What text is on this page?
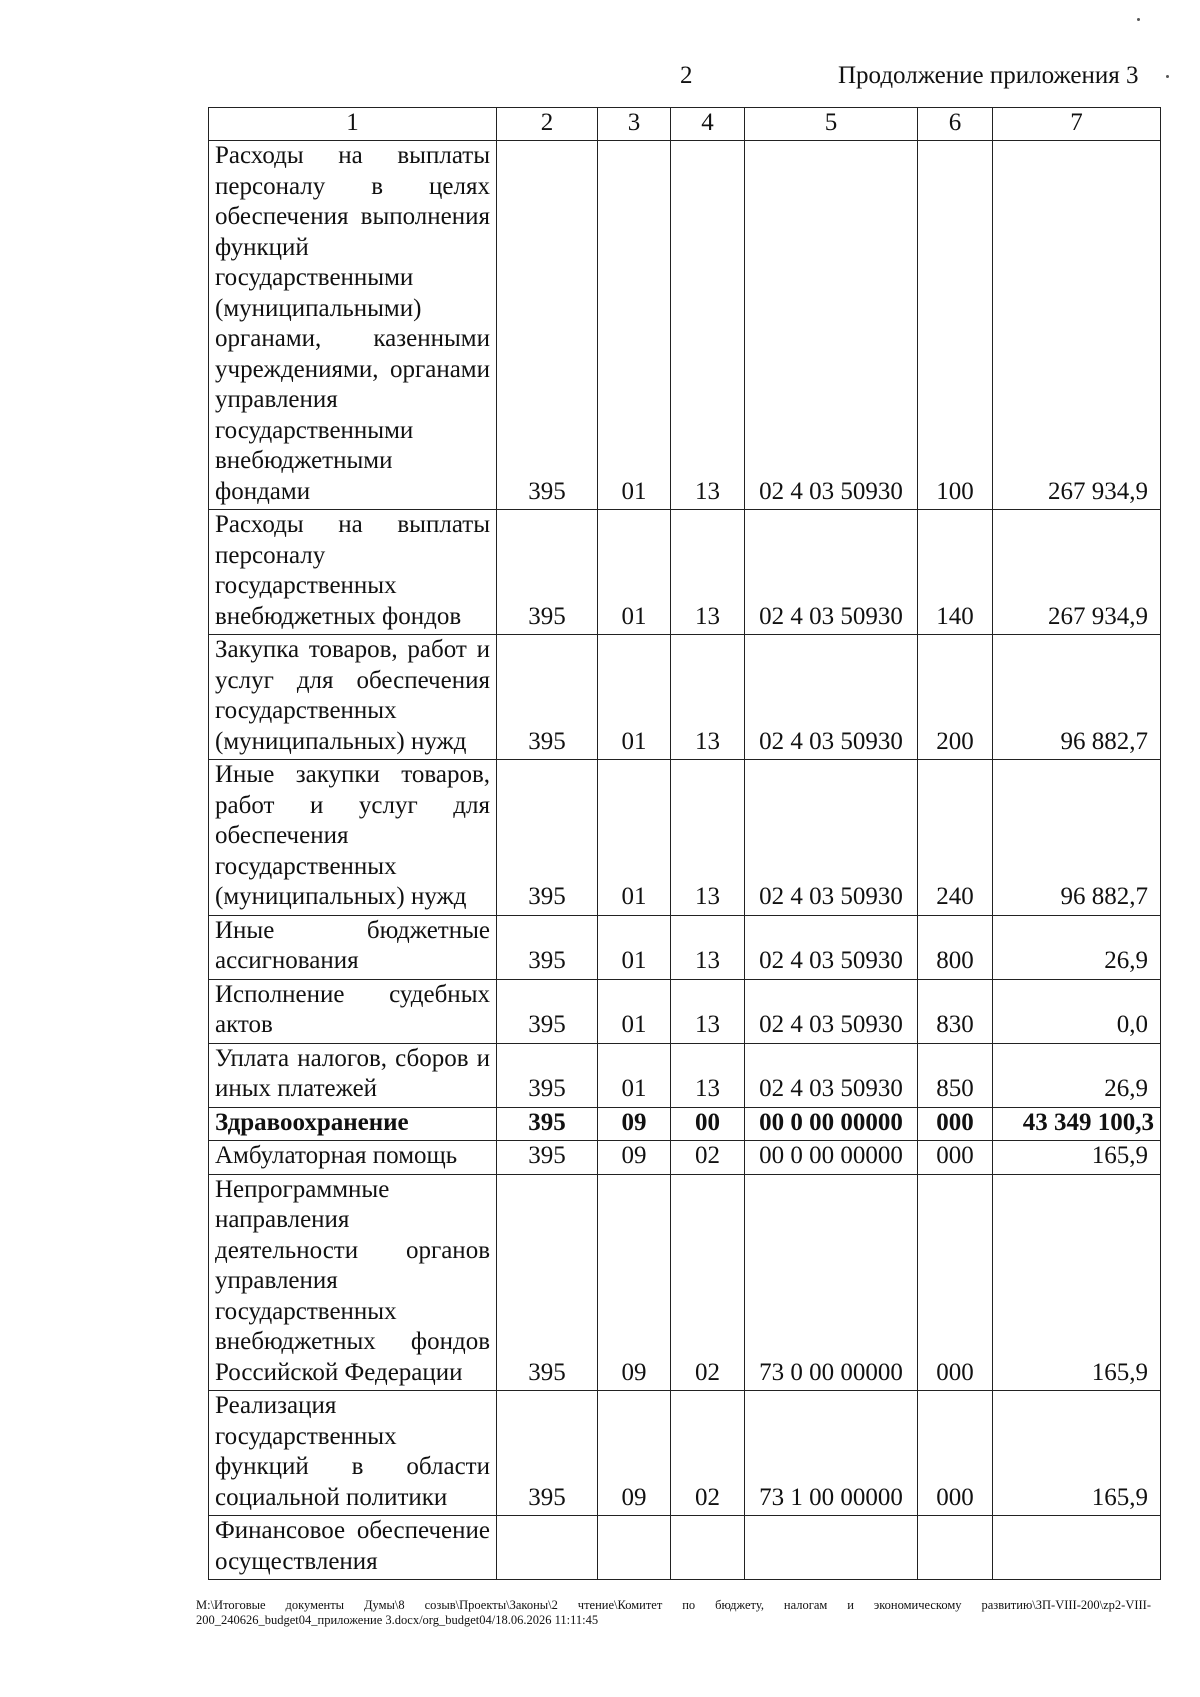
2	Продолжение приложения 3
1	2	3	4	5	6	7
Расходы на выплаты персоналу в целях обеспечения выполнения функций государственными (муниципальными) органами, казенными учреждениями, органами управления государственными внебюджетными фондами	395	01	13	02 4 03 50930	100	267 934,9
Расходы на выплаты персоналу государственных внебюджетных фондов	395	01	13	02 4 03 50930	140	267 934,9
Закупка товаров, работ и услуг для обеспечения государственных (муниципальных) нужд	395	01	13	02 4 03 50930	200	96 882,7
Иные закупки товаров, работ и услуг для обеспечения государственных (муниципальных) нужд	395	01	13	02 4 03 50930	240	96 882,7
Иные бюджетные ассигнования	395	01	13	02 4 03 50930	800	26,9
Исполнение судебных актов	395	01	13	02 4 03 50930	830	0,0
Уплата налогов, сборов и иных платежей	395	01	13	02 4 03 50930	850	26,9
Здравоохранение	395	09	00	00 0 00 00000	000	43 349 100,3
Амбулаторная помощь	395	09	02	00 0 00 00000	000	165,9
Непрограммные направления деятельности органов управления государственных внебюджетных фондов Российской Федерации	395	09	02	73 0 00 00000	000	165,9
Реализация государственных функций в области социальной политики	395	09	02	73 1 00 00000	000	165,9
Финансовое обеспечение осуществления						
M:\Итоговые документы Думы\8 созыв\Проекты\Законы\2 чтение\Комитет по бюджету, налогам и экономическому развитию\ЗП-VIII-200\zp2-VIII-200_240626_budget04_приложение 3.docx/org_budget04/18.06.2026 11:11:45
